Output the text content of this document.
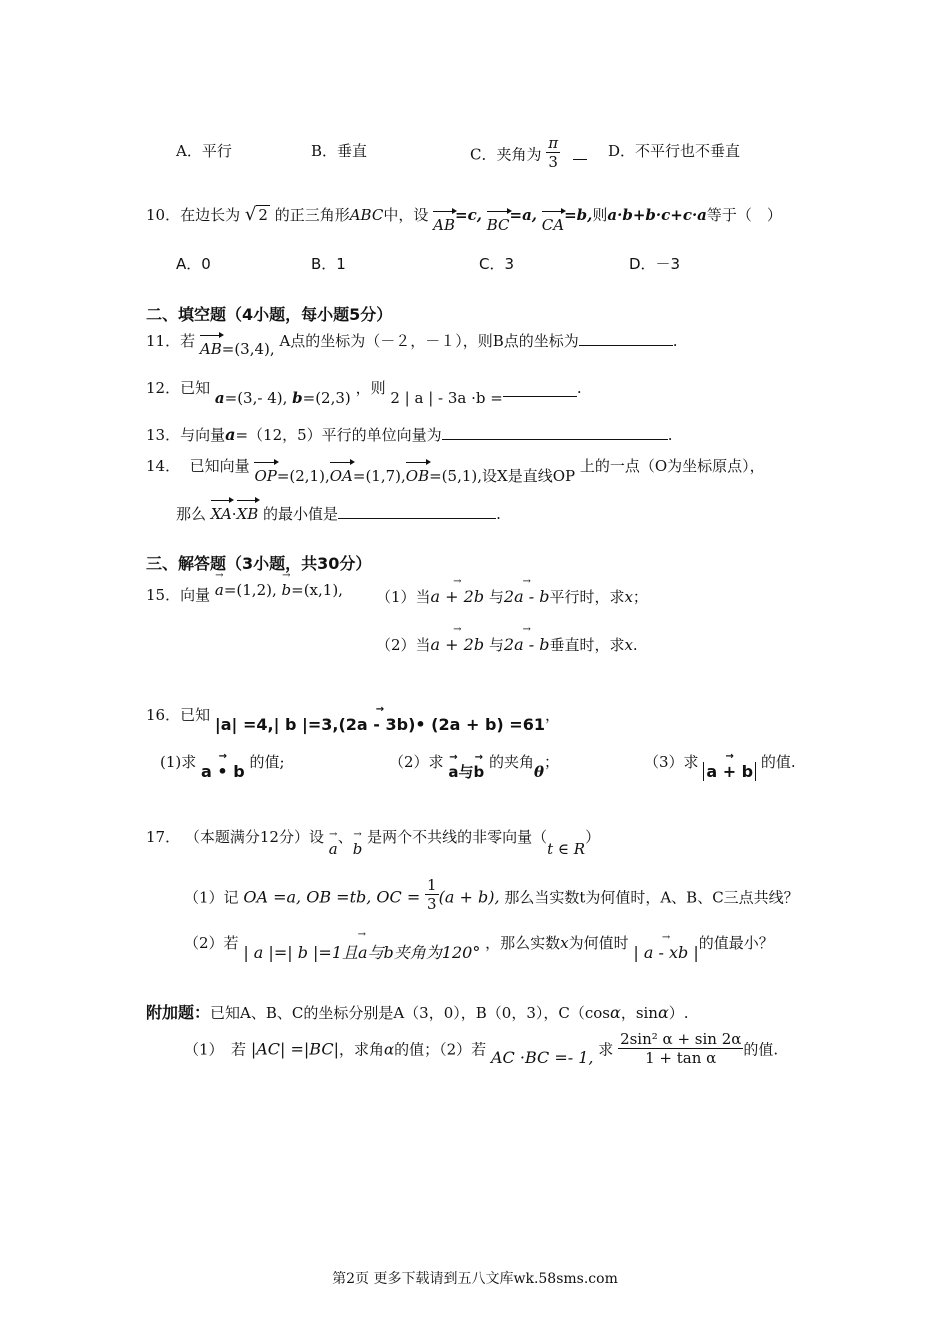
A．平行	B．垂直	C．夹角为 $\frac{\pi}{3}$
	D．不平行也不垂直
10．在边长为 √ 2 的正三角形ABC中，设 AB=c, BC=a, CA=b,则a·b+b·c+c·a等于（　）
A．0	B．1	C．3	D．－3
二、填空题（4小题，每小题5分）
11．若 AB=(3,4), A点的坐标为（－２，－１），则B点的坐标为	.
12．已知 a=(3,- 4), b=(2,3) ，则 2 | a | - 3a ·b =.
13．与向量a=（12，5）平行的单位向量为	.
14． 已知向量 OP=(2,1),OA=(1,7),OB=(5,1),设X是直线OP 上的一点（O为坐标原点），
那么 XA·XB 的最小值是	.
三、解答题（3小题，共30分）
15．向量 → a=(1,2), → b=(x,1), （1）当→ a + 2b 与→ 2a - b平行时，求x；
（2）当→ a + 2b 与→ 2a - b垂直时，求x.
16．已知 → |a| =4,| b |=3,(2a - 3b)• (2a + b) =61，
(1)求 → a • b 的值;	（2）求 → a与→ b 的夹角θ；	（3）求 → a + b 的值.
17． （本题满分12分）设 → a、→ b 是两个不共线的非零向量（t ∈ R）
（1）记 OA =a, OB =tb, OC = $\frac{1}{3} (a + b)$, 那么当实数t为何值时，A、B、C三点共线？
（2）若 → | a |=| b |=1且a与b夹角为120° ，那么实数x为何值时 → | a - xb |的值最小？
附加题：已知A、B、C的坐标分别是A（3，0），B（0，3），C（cosα，sinα）.
（1）　若 |AC| =|BC|，求角α的值；（2）若 AC ·BC =- 1, 求 $\frac{\text{2sin² α + sin 2α}}{\text{1 + tan α}}$ 的值.
第2页 更多下载请到五八文库wk.58sms.com
